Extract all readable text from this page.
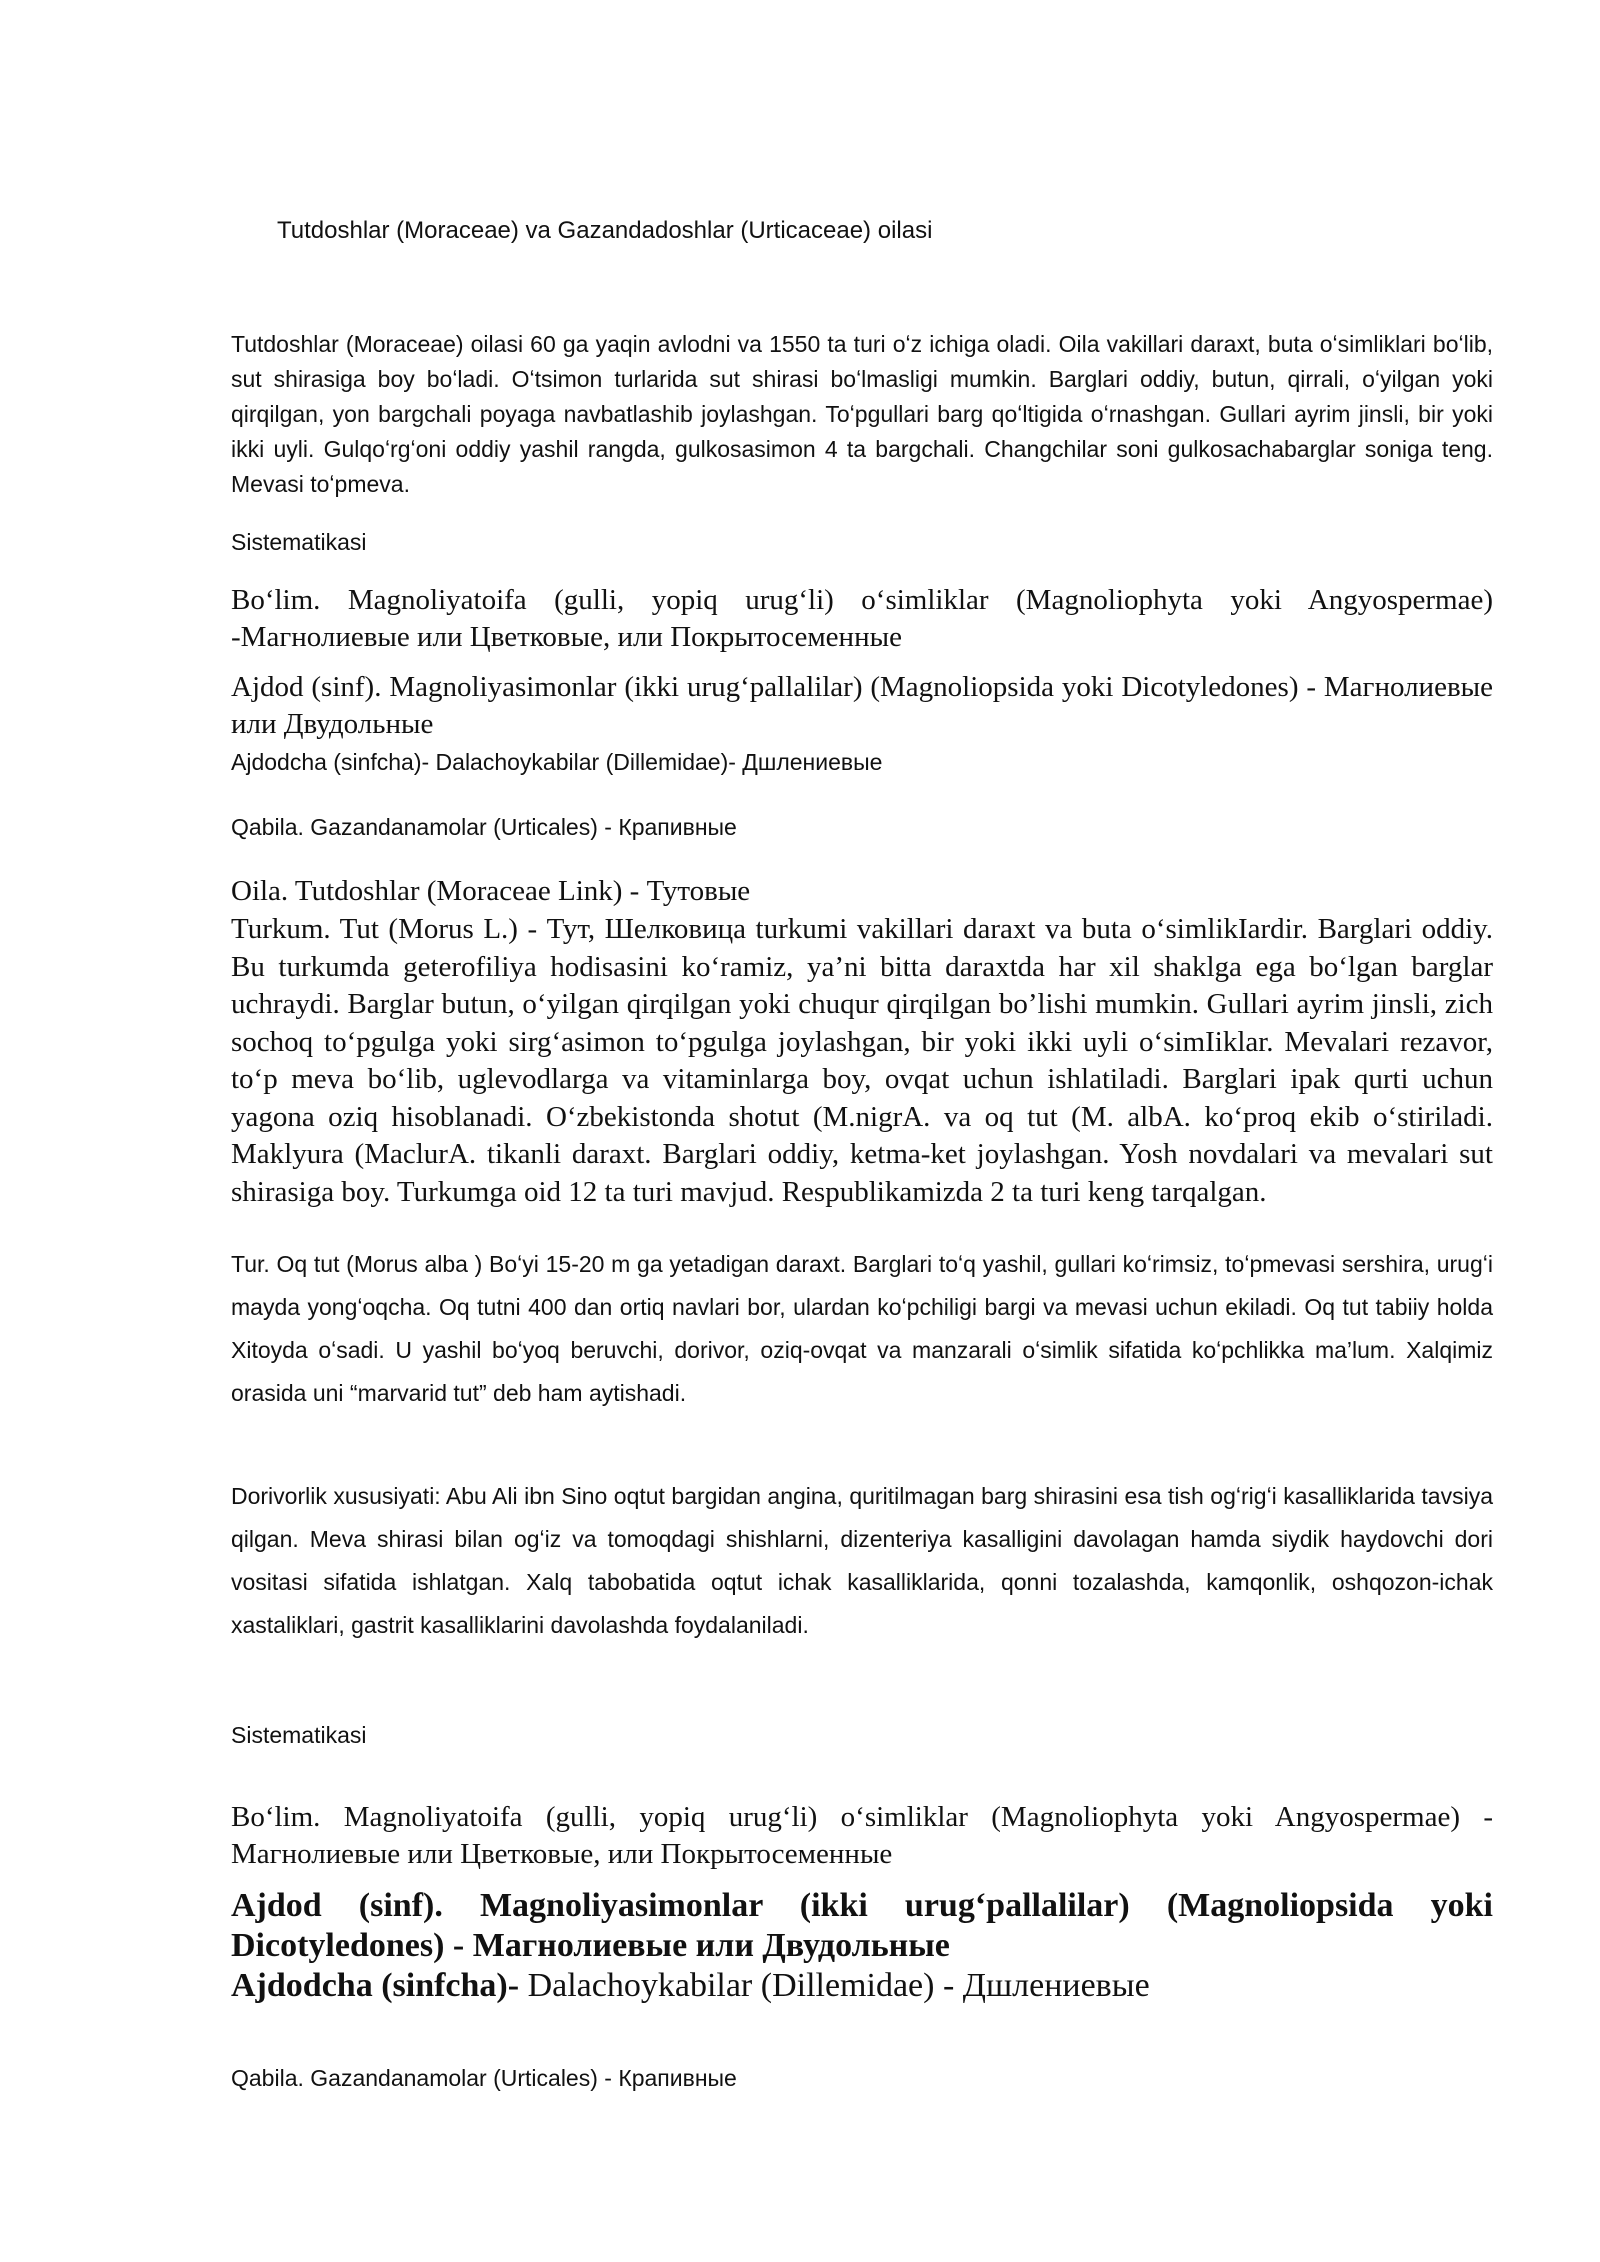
Tutdoshlar (Moraceae) va Gazandadoshlar (Urticaceae) oilasi

Tutdoshlar (Moraceae) oilasi 60 ga yaqin avlodni va 1550 ta turi oʻz ichiga oladi. Oila vakillari daraxt, buta oʻsimliklari boʻlib, sut shirasiga boy boʻladi. Oʻtsimon turlarida sut shirasi boʻlmasligi mumkin. Barglari oddiy, butun, qirrali, oʻyilgan yoki qirqilgan, yon bargchali poyaga navbatlashib joylashgan. Toʻpgullari barg qoʻltigida oʻrnashgan. Gullari ayrim jinsli, bir yoki ikki uyli. Gulqoʻrgʻoni oddiy yashil rangda, gulkosasimon 4 ta bargchali. Changchilar soni gulkosachabarglar soniga teng. Mevasi toʻpmeva.

Sistematikasi

Boʻlim. Magnoliyatoifa (gulli, yopiq urugʻli) oʻsimliklar (Magnoliophyta yoki Angyospermae) -Магнолиевые или Цветковые, или Покрытосеменные

Ajdod (sinf). Magnoliyasimonlar (ikki urugʻpallalilar) (Magnoliopsida yoki Dicotyledones) - Магнолиевые или Двудольные

Ajdodcha (sinfcha)- Dalachoykabilar (Dillemidae)- Дшлениевые

Qabila. Gazandanamolar (Urticales) - Крапивные

Oila. Tutdoshlar (Moraceae Link) - Тутовые

Turkum. Tut (Morus L.) - Тут, Шелковица turkumi vakillari daraxt va buta oʻsimlikIardir. Barglari oddiy. Bu turkumda geterofiliya hodisasini koʻramiz, ya’ni bitta daraxtda har xil shaklga ega boʻlgan barglar uchraydi. Barglar butun, oʻyilgan qirqilgan yoki chuqur qirqilgan bo’lishi mumkin. Gullari ayrim jinsli, zich sochoq toʻpgulga yoki sirgʻasimon toʻpgulga joylashgan, bir yoki ikki uyli oʻsimIiklar. Mevalari rezavor, toʻp meva boʻlib, uglevodlarga va vitaminlarga boy, ovqat uchun ishlatiladi. Barglari ipak qurti uchun yagona oziq hisoblanadi. Oʻzbekistonda shotut (M.nigrA. va oq tut (M. albA. koʻproq ekib oʻstiriladi. Maklyura (MaclurA. tikanli daraxt. Barglari oddiy, ketma-ket joylashgan. Yosh novdalari va mevalari sut shirasiga boy. Turkumga oid 12 ta turi mavjud. Respublikamizda 2 ta turi keng tarqalgan.

Tur. Oq tut (Morus alba ) Boʻyi 15-20 m ga yetadigan daraxt. Barglari toʻq yashil, gullari koʻrimsiz, toʻpmevasi sershira, urugʻi mayda yongʻoqcha. Oq tutni 400 dan ortiq navlari bor, ulardan koʻpchiligi bargi va mevasi uchun ekiladi. Oq tut tabiiy holda Xitoyda oʻsadi. U yashil boʻyoq beruvchi, dorivor, oziq-ovqat va manzarali oʻsimlik sifatida koʻpchlikka ma’lum. Xalqimiz orasida uni “marvarid tut” deb ham aytishadi.

Dorivorlik xususiyati: Abu Ali ibn Sino oqtut bargidan angina, quritilmagan barg shirasini esa tish ogʻrigʻi kasalliklarida tavsiya qilgan. Meva shirasi bilan ogʻiz va tomoqdagi shishlarni, dizenteriya kasalligini davolagan hamda siydik haydovchi dori vositasi sifatida ishlatgan. Xalq tabobatida oqtut ichak kasalliklarida, qonni tozalashda, kamqonlik, oshqozon-ichak xastaliklari, gastrit kasalliklarini davolashda foydalaniladi.

Sistematikasi

Boʻlim. Magnoliyatoifa (gulli, yopiq urugʻli) oʻsimliklar (Magnoliophyta yoki Angyospermae) - Магнолиевые или Цветковые, или Покрытосеменные

Ajdod (sinf). Magnoliyasimonlar (ikki urugʻpallalilar) (Magnoliopsida yoki Dicotyledones) - Магнолиевые или Двудольные

Ajdodcha (sinfcha)- Dalachoykabilar (Dillemidae) - Дшлениевые

Qabila. Gazandanamolar (Urticales) - Крапивные
